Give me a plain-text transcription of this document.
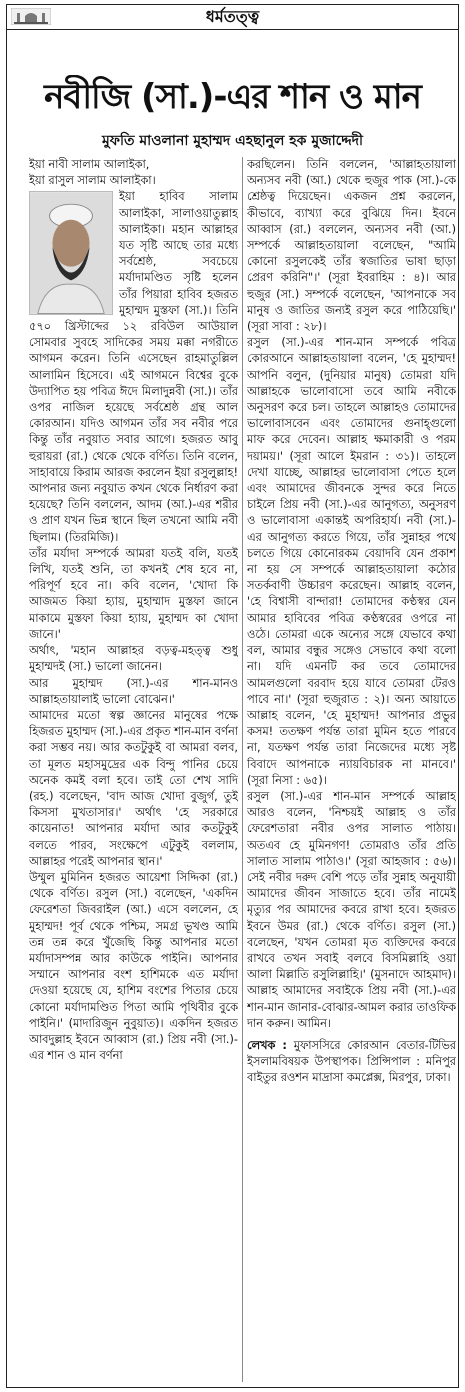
ধর্মতত্ত্ব
নবীজি (সা.)-এর শান ও মান
মুফতি মাওলানা মুহাম্মদ এহছানুল হক মুজাদ্দেদী

ইয়া নাবী সালাম আলাইকা,

ইয়া রাসুল সালাম আলাইকা।

ইয়া হাবিব সালাম আলাইকা, সালাওয়াতুল্লাহ আলাইকা। মহান আল্লাহর যত সৃষ্টি আছে তার মধ্যে সর্বশ্রেষ্ঠ, সবচেয়ে মর্যাদামণ্ডিত সৃষ্টি হলেন তাঁর পিয়ারা হাবিব হজরত মুহাম্মদ মুস্তফা (সা.)। তিনি ৫৭০ খ্রিস্টাব্দের ১২ রবিউল আউয়াল সোমবার সুবহে সাদিকের সময় মক্কা নগরীতে আগমন করেন। তিনি এসেছেন রাহমাতুল্লিল আলামিন হিসেবে। এই আগমনে বিশ্বের বুকে উদ্যাপিত হয় পবিত্র ঈদে মিলাদুন্নবী (সা.)। তাঁর ওপর নাজিল হয়েছে সর্বশ্রেষ্ঠ গ্রন্থ আল কোরআন। যদিও আগমন তাঁর সব নবীর পরে কিন্তু তাঁর নবুয়াত সবার আগে। হজরত আবু হুরায়রা (রা.) থেকে থেকে বর্ণিত। তিনি বলেন, সাহাবায়ে কিরাম আরজ করলেন ইয়া রসুলুল্লাহ! আপনার জন্য নবুয়াত কখন থেকে নির্ধারণ করা হয়েছে? তিনি বললেন, আদম (আ.)-এর শরীর ও প্রাণ যখন ভিন্ন স্থানে ছিল তখনো আমি নবী ছিলাম। (তিরমিজি)।

তাঁর মর্যাদা সম্পর্কে আমরা যতই বলি, যতই লিখি, যতই শুনি, তা কখনই শেষ হবে না, পরিপূর্ণ হবে না। কবি বলেন, 'খোদা কি আজমত কিয়া হ্যায়, মুহাম্মাদ মুস্তফা জানে মাকামে মুস্তফা কিয়া হ্যায়, মুহাম্মদ কা খোদা জানে।'

অর্থাৎ, 'মহান আল্লাহর বড়ত্ব-মহত্ত্ব শুধু মুহাম্মদই (সা.) ভালো জানেন।

আর মুহাম্মদ (সা.)-এর শান-মানও আল্লাহতায়ালাই ভালো বোঝেন।'

আমাদের মতো স্বল্প জ্ঞানের মানুষের পক্ষে হিজরত মুহাম্মদ (সা.)-এর প্রকৃত শান-মান বর্ণনা করা সম্ভব নয়। আর কতটুকুই বা আমরা বলব, তা মূলত মহাসমুদ্রের এক বিন্দু পানির চেয়ে অনেক কমই বলা হবে। তাই তো শেখ সাদি (রহ.) বলেছেন, 'বাদ আজ খোদা বুজুর্গ, তুই কিসসা মুখতাসার।' অর্থাৎ 'হে সরকারে কায়েনাত! আপনার মর্যাদা আর কতটুকুই বলতে পারব, সংক্ষেপে এটুকুই বললাম, আল্লাহর পরেই আপনার স্থান।'

উম্মুল মুমিনিন হজরত আয়েশা সিদ্দিকা (রা.) থেকে বর্ণিত। রসুল (সা.) বলেছেন, 'একদিন ফেরেশতা জিবরাইল (আ.) এসে বললেন, হে মুহাম্মদ! পূর্ব থেকে পশ্চিম, সমগ্র ভূখণ্ড আমি তন্ন তন্ন করে খুঁজেছি কিন্তু আপনার মতো মর্যাদাসম্পন্ন আর কাউকে পাইনি। আপনার সম্মানে আপনার বংশ হাশিমকে এত মর্যাদা দেওয়া হয়েছে যে, হাশিম বংশের পিতার চেয়ে কোনো মর্যাদামণ্ডিত পিতা আমি পৃথিবীর বুকে পাইনি।' (মাদারিজুন নুবুয়াত)। একদিন হজরত আবদুল্লাহ ইবনে আব্বাস (রা.) প্রিয় নবী (সা.)-এর শান ও মান বর্ণনা

করছিলেন। তিনি বললেন, 'আল্লাহতায়ালা অন্যসব নবী (আ.) থেকে হুজুর পাক (সা.)-কে শ্রেষ্ঠত্ব দিয়েছেন। একজন প্রশ্ন করলেন, কীভাবে, ব্যাখ্যা করে বুঝিয়ে দিন। ইবনে আব্বাস (রা.) বললেন, অন্যসব নবী (আ.) সম্পর্কে আল্লাহতায়ালা বলেছেন, "আমি কোনো রসুলকেই তাঁর স্বজাতির ভাষা ছাড়া প্রেরণ করিনি"।' (সূরা ইবরাহিম : ৪)। আর হুজুর (সা.) সম্পর্কে বলেছেন, 'আপনাকে সব মানুষ ও জাতির জন্যই রসুল করে পাঠিয়েছি।' (সূরা সাবা : ২৮)।

রসুল (সা.)-এর শান-মান সম্পর্কে পবিত্র কোরআনে আল্লাহতায়ালা বলেন, 'হে মুহাম্মদ! আপনি বলুন, (দুনিয়ার মানুষ) তোমরা যদি আল্লাহকে ভালোবাসো তবে আমি নবীকে অনুসরণ করে চল। তাহলে আল্লাহও তোমাদের ভালোবাসবেন এবং তোমাদের গুনাহ্গুলো মাফ করে দেবেন। আল্লাহ ক্ষমাকারী ও পরম দয়াময়।' (সূরা আলে ইমরান : ৩১)। তাহলে দেখা যাচ্ছে, আল্লাহর ভালোবাসা পেতে হলে এবং আমাদের জীবনকে সুন্দর করে নিতে চাইলে প্রিয় নবী (সা.)-এর আনুগত্য, অনুসরণ ও ভালোবাসা একান্তই অপরিহার্য। নবী (সা.)-এর আনুগত্য করতে গিয়ে, তাঁর সুন্নাহর পথে চলতে গিয়ে কোনোরকম বেয়াদবি যেন প্রকাশ না হয় সে সম্পর্কে আল্লাহতায়ালা কঠোর সতর্কবাণী উচ্চারণ করেছেন। আল্লাহ বলেন, 'হে বিশ্বাসী বান্দারা! তোমাদের কণ্ঠস্বর যেন আমার হাবিবের পবিত্র কণ্ঠস্বরের ওপরে না ওঠে। তোমরা একে অন্যের সঙ্গে যেভাবে কথা বল, আমার বন্ধুর সঙ্গেও সেভাবে কথা বলো না। যদি এমনটি কর তবে তোমাদের আমলগুলো বরবাদ হয়ে যাবে তোমরা টেরও পাবে না।' (সূরা হুজুরাত : ২)। অন্য আয়াতে আল্লাহ বলেন, 'হে মুহাম্মদ! আপনার প্রভুর কসম! ততক্ষণ পর্যন্ত তারা মুমিন হতে পারবে না, যতক্ষণ পর্যন্ত তারা নিজেদের মধ্যে সৃষ্ট বিবাদে আপনাকে ন্যায়বিচারক না মানবে।' (সূরা নিসা : ৬৫)।

রসুল (সা.)-এর শান-মান সম্পর্কে আল্লাহ আরও বলেন, 'নিশ্চয়ই আল্লাহ ও তাঁর ফেরেশতারা নবীর ওপর সালাত পাঠায়। অতএব হে মুমিনগণ! তোমরাও তাঁর প্রতি সালাত সালাম পাঠাও।' (সূরা আহজাব : ৫৬)। সেই নবীর দরুদ বেশি পড়ে তাঁর সুন্নাহ অনুযায়ী আমাদের জীবন সাজাতে হবে। তাঁর নামেই মৃত্যুর পর আমাদের কবরে রাখা হবে। হজরত ইবনে উমর (রা.) থেকে বর্ণিত। রসুল (সা.) বলেছেন, 'যখন তোমরা মৃত ব্যক্তিদের কবরে রাখবে তখন সবাই বলবে বিসমিল্লাহি ওয়া আলা মিল্লাতি রসুলিল্লাহি।' (মুসনাদে আহমাদ)। আল্লাহ আমাদের সবাইকে প্রিয় নবী (সা.)-এর শান-মান জানার-বোঝার-আমল করার তাওফিক দান করুন। আমিন।

লেখক : মুফাসসিরে কোরআন বেতার-টিভির ইসলামবিষয়ক উপস্থাপক। প্রিন্সিপাল : মনিপুর বাইতুর রওশন মাদ্রাসা কমপ্লেক্স, মিরপুর, ঢাকা।
